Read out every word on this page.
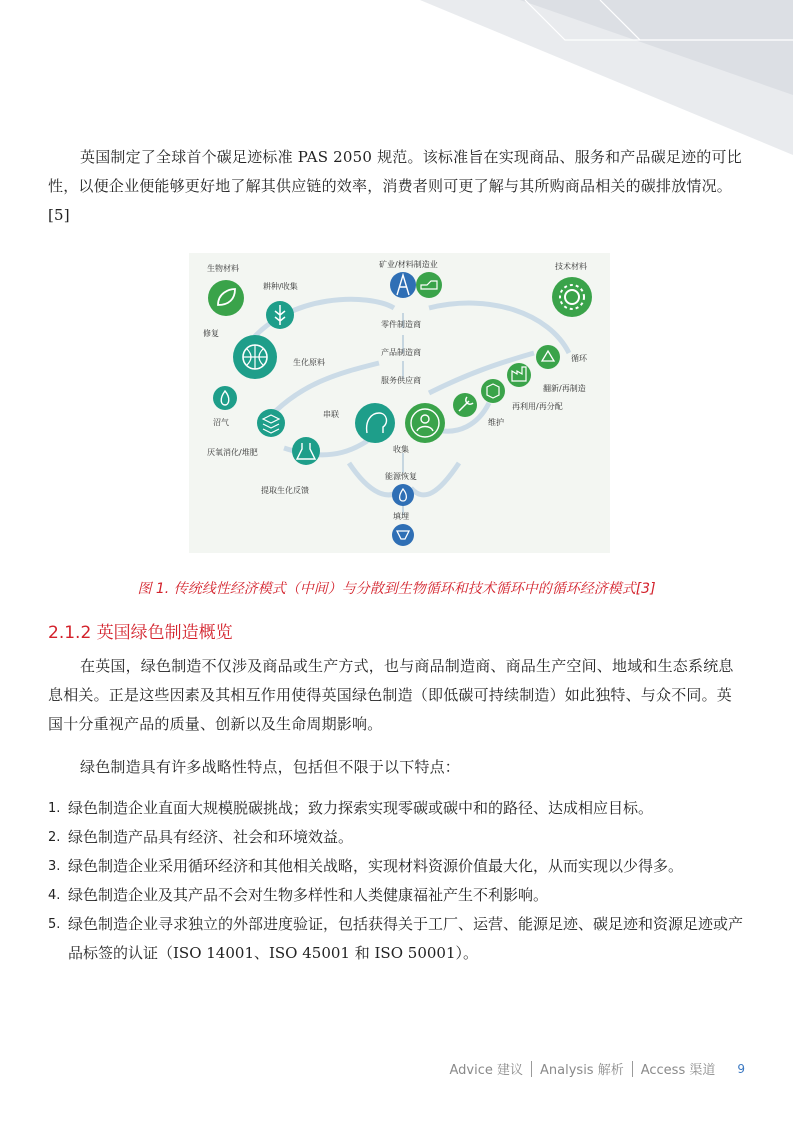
英国制定了全球首个碳足迹标准 PAS 2050 规范。该标准旨在实现商品、服务和产品碳足迹的可比性，以便企业便能够更好地了解其供应链的效率，消费者则可更了解与其所购商品相关的碳排放情况。[5]
生物材料
耕种/收集
修复
生化原料
沼气
厌氧消化/堆肥
提取生化反馈
串联
矿业/材料制造业
零件制造商
产品制造商
服务供应商
收集
能源恢复
填埋
技术材料
循环
翻新/再制造
再利用/再分配
维护
图 1. 传统线性经济模式（中间）与分散到生物循环和技术循环中的循环经济模式[3]
2.1.2 英国绿色制造概览
在英国，绿色制造不仅涉及商品或生产方式，也与商品制造商、商品生产空间、地域和生态系统息息相关。正是这些因素及其相互作用使得英国绿色制造（即低碳可持续制造）如此独特、与众不同。英国十分重视产品的质量、创新以及生命周期影响。
绿色制造具有许多战略性特点，包括但不限于以下特点：
1. 绿色制造企业直面大规模脱碳挑战；致力探索实现零碳或碳中和的路径、达成相应目标。
2. 绿色制造产品具有经济、社会和环境效益。
3. 绿色制造企业采用循环经济和其他相关战略，实现材料资源价值最大化，从而实现以少得多。
4. 绿色制造企业及其产品不会对生物多样性和人类健康福祉产生不利影响。
5. 绿色制造企业寻求独立的外部进度验证，包括获得关于工厂、运营、能源足迹、碳足迹和资源足迹或产品标签的认证（ISO 14001、ISO 45001 和 ISO 50001）。
Advice 建议 Analysis 解析 Access 渠道 9
